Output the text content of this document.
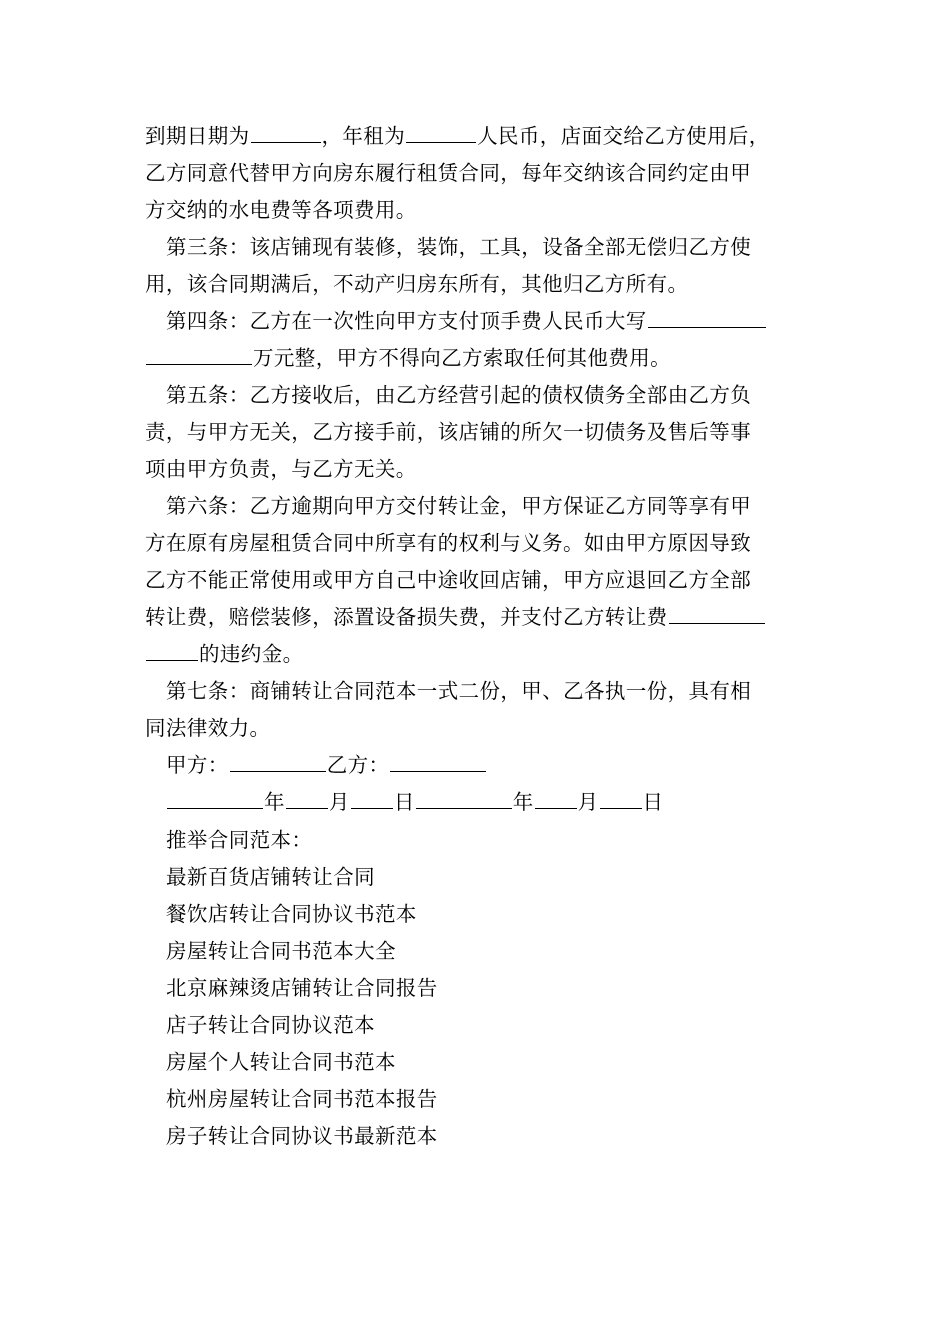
到期日期为	，年租为	人民币，店面交给乙方使用后，
乙方同意代替甲方向房东履行租赁合同，每年交纳该合同约定由甲
方交纳的水电费等各项费用。
第三条：该店铺现有装修，装饰，工具，设备全部无偿归乙方使
用，该合同期满后，不动产归房东所有，其他归乙方所有。
第四条：乙方在一次性向甲方支付顶手费人民币大写
万元整，甲方不得向乙方索取任何其他费用。
第五条：乙方接收后，由乙方经营引起的债权债务全部由乙方负
责，与甲方无关，乙方接手前，该店铺的所欠一切债务及售后等事
项由甲方负责，与乙方无关。
第六条：乙方逾期向甲方交付转让金，甲方保证乙方同等享有甲
方在原有房屋租赁合同中所享有的权利与义务。如由甲方原因导致
乙方不能正常使用或甲方自己中途收回店铺，甲方应退回乙方全部
转让费，赔偿装修，添置设备损失费，并支付乙方转让费
的违约金。
第七条：商铺转让合同范本一式二份，甲、乙各执一份，具有相
同法律效力。
甲方：	乙方：
年 月 日	年 月 日
推举合同范本：
最新百货店铺转让合同
餐饮店转让合同协议书范本
房屋转让合同书范本大全
北京麻辣烫店铺转让合同报告
店子转让合同协议范本
房屋个人转让合同书范本
杭州房屋转让合同书范本报告
房子转让合同协议书最新范本
